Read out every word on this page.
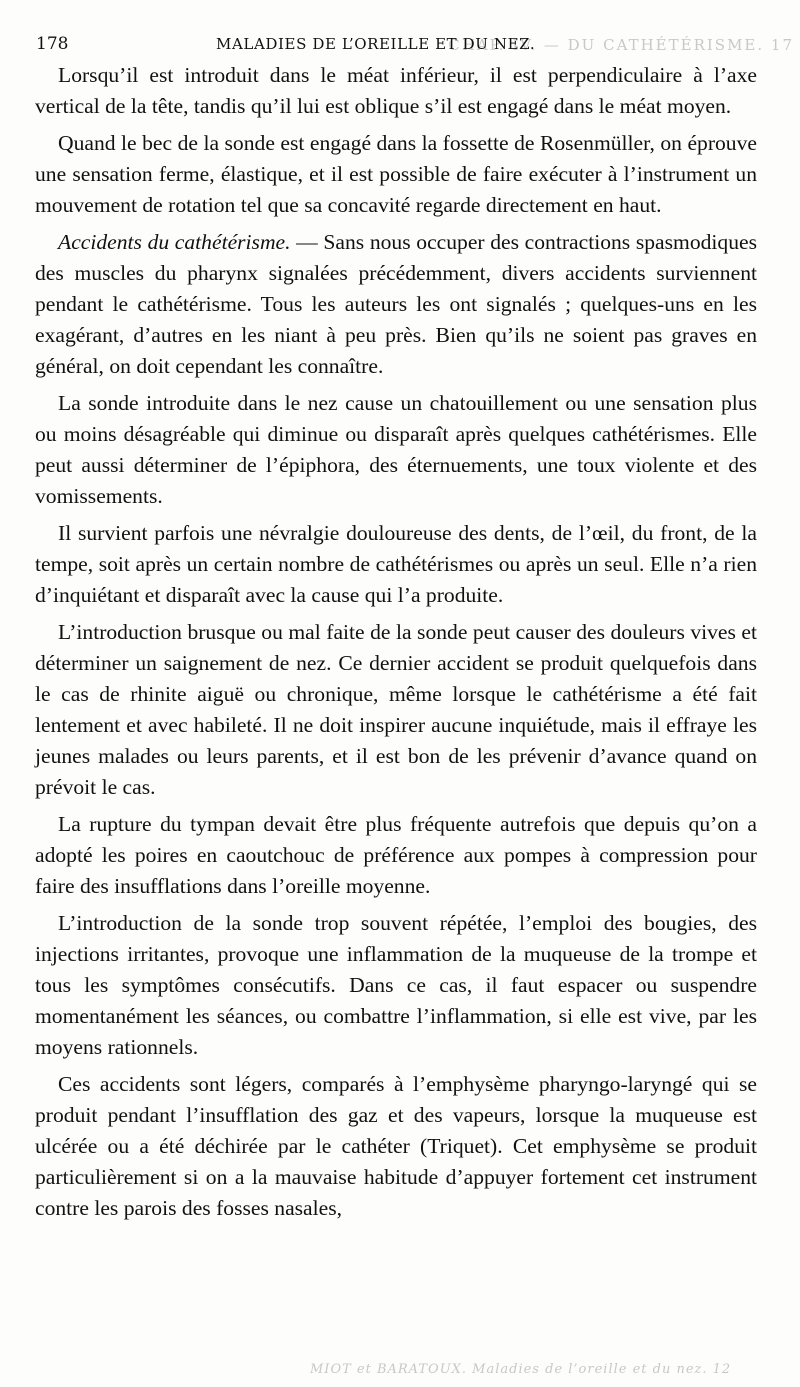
CHAP. IV. — DU CATHÉTÉRISME. 17
178	MALADIES DE L’OREILLE ET DU NEZ.

Lorsqu’il est introduit dans le méat inférieur, il est perpendiculaire à l’axe vertical de la tête, tandis qu’il lui est oblique s’il est engagé dans le méat moyen.

Quand le bec de la sonde est engagé dans la fossette de Rosenmüller, on éprouve une sensation ferme, élastique, et il est possible de faire exécuter à l’instrument un mouvement de rotation tel que sa concavité regarde directement en haut.

Accidents du cathétérisme. — Sans nous occuper des contractions spasmodiques des muscles du pharynx signalées précédemment, divers accidents surviennent pendant le cathétérisme. Tous les auteurs les ont signalés ; quelques-uns en les exagérant, d’autres en les niant à peu près. Bien qu’ils ne soient pas graves en général, on doit cependant les connaître.

La sonde introduite dans le nez cause un chatouillement ou une sensation plus ou moins désagréable qui diminue ou disparaît après quelques cathétérismes. Elle peut aussi déterminer de l’épiphora, des éternuements, une toux violente et des vomissements.

Il survient parfois une névralgie douloureuse des dents, de l’œil, du front, de la tempe, soit après un certain nombre de cathétérismes ou après un seul. Elle n’a rien d’inquiétant et disparaît avec la cause qui l’a produite.

L’introduction brusque ou mal faite de la sonde peut causer des douleurs vives et déterminer un saignement de nez. Ce dernier accident se produit quelquefois dans le cas de rhinite aiguë ou chronique, même lorsque le cathétérisme a été fait lentement et avec habileté. Il ne doit inspirer aucune inquiétude, mais il effraye les jeunes malades ou leurs parents, et il est bon de les prévenir d’avance quand on prévoit le cas.

La rupture du tympan devait être plus fréquente autrefois que depuis qu’on a adopté les poires en caoutchouc de préférence aux pompes à compression pour faire des insufflations dans l’oreille moyenne.

L’introduction de la sonde trop souvent répétée, l’emploi des bougies, des injections irritantes, provoque une inflammation de la muqueuse de la trompe et tous les symptômes consécutifs. Dans ce cas, il faut espacer ou suspendre momentanément les séances, ou combattre l’inflammation, si elle est vive, par les moyens rationnels.

Ces accidents sont légers, comparés à l’emphysème pharyngo-laryngé qui se produit pendant l’insufflation des gaz et des vapeurs, lorsque la muqueuse est ulcérée ou a été déchirée par le cathéter (Triquet). Cet emphysème se produit particulièrement si on a la mauvaise habitude d’appuyer fortement cet instrument contre les parois des fosses nasales,

MIOT et BARATOUX. Maladies de l’oreille et du nez. 12
